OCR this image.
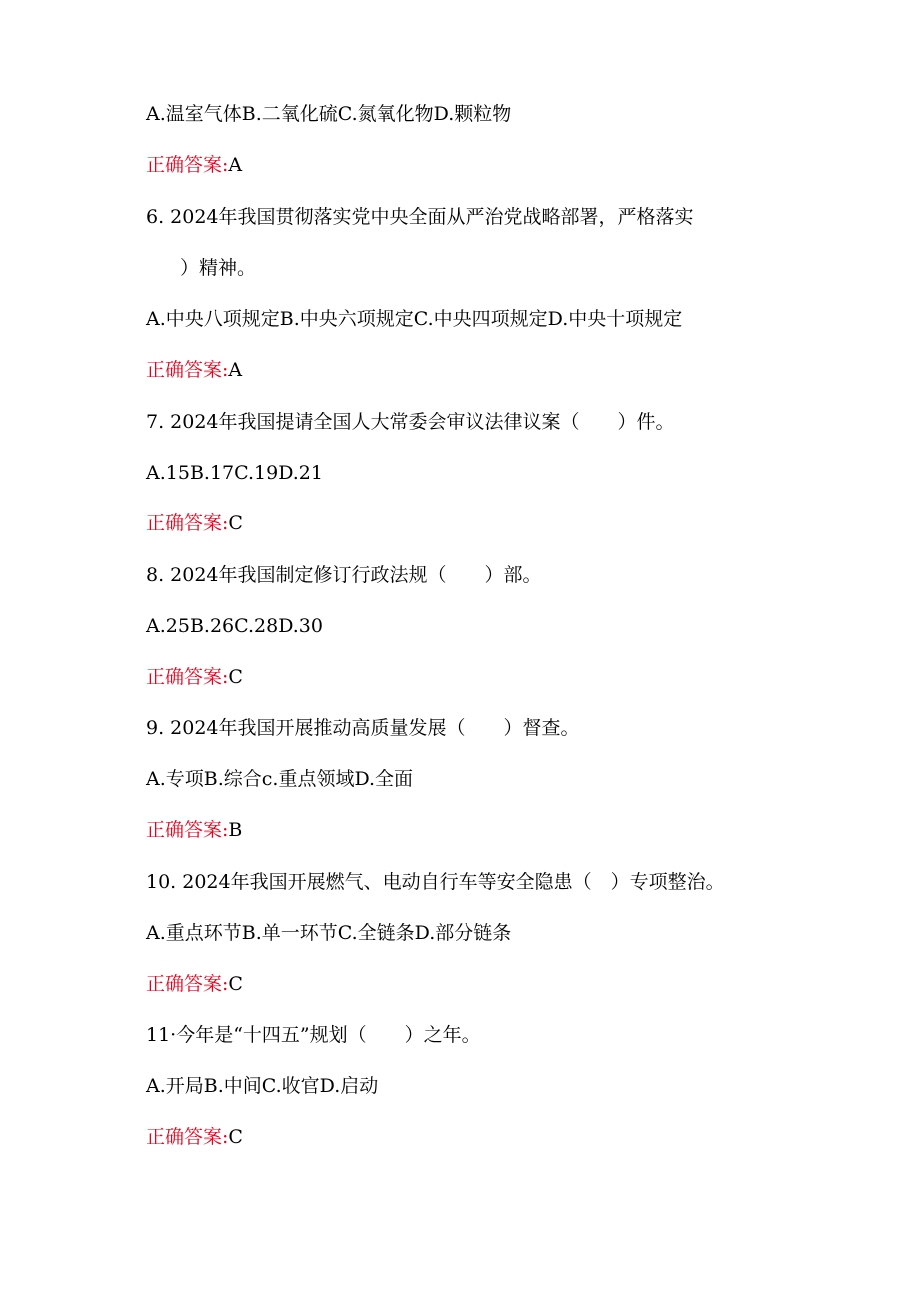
A.温室气体B.二氧化硫C.氮氧化物D.颗粒物
正确答案:A
6. 2024年我国贯彻落实党中央全面从严治党战略部署，严格落实
）精神。
A.中央八项规定B.中央六项规定C.中央四项规定D.中央十项规定
正确答案:A
7. 2024年我国提请全国人大常委会审议法律议案（　　）件。
A.15B.17C.19D.21
正确答案:C
8. 2024年我国制定修订行政法规（　　）部。
A.25B.26C.28D.30
正确答案:C
9. 2024年我国开展推动高质量发展（　　）督查。
A.专项B.综合c.重点领域D.全面
正确答案:B
10. 2024年我国开展燃气、电动自行车等安全隐患（　）专项整治。
A.重点环节B.单一环节C.全链条D.部分链条
正确答案:C
11·今年是“十四五”规划（　　）之年。
A.开局B.中间C.收官D.启动
正确答案:C
